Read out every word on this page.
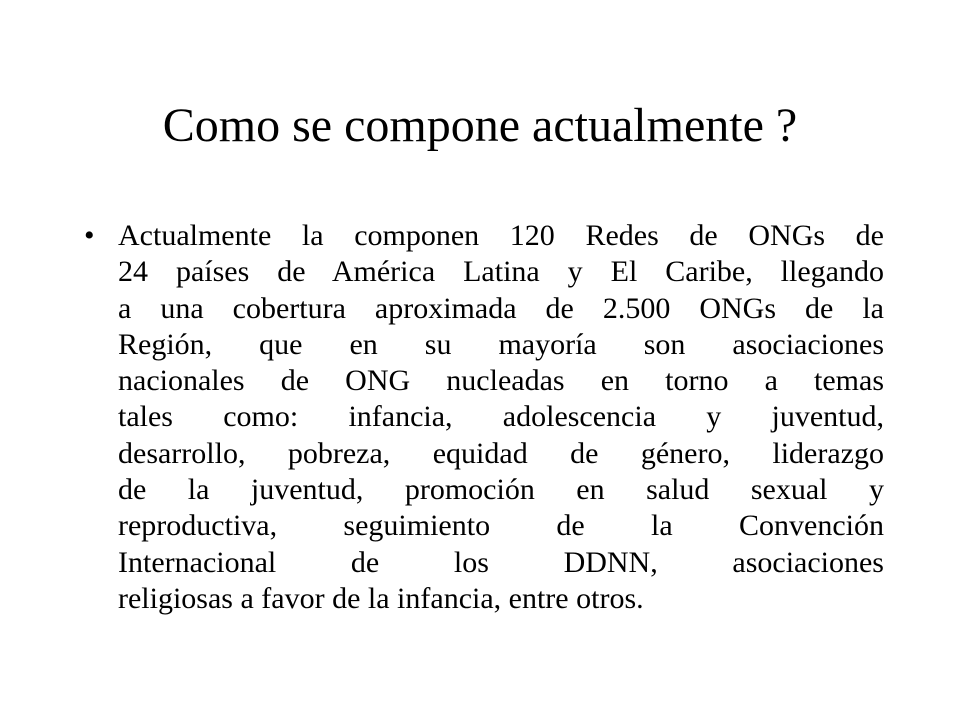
Como se compone actualmente ?
• Actualmente la componen 120 Redes de ONGs de
24 países de América Latina y El Caribe, llegando
a una cobertura aproximada de 2.500 ONGs de la
Región, que en su mayoría son asociaciones
nacionales de ONG nucleadas en torno a temas
tales como: infancia, adolescencia y juventud,
desarrollo, pobreza, equidad de género, liderazgo
de la juventud, promoción en salud sexual y
reproductiva, seguimiento de la Convención
Internacional de los DDNN, asociaciones
religiosas a favor de la infancia, entre otros.
